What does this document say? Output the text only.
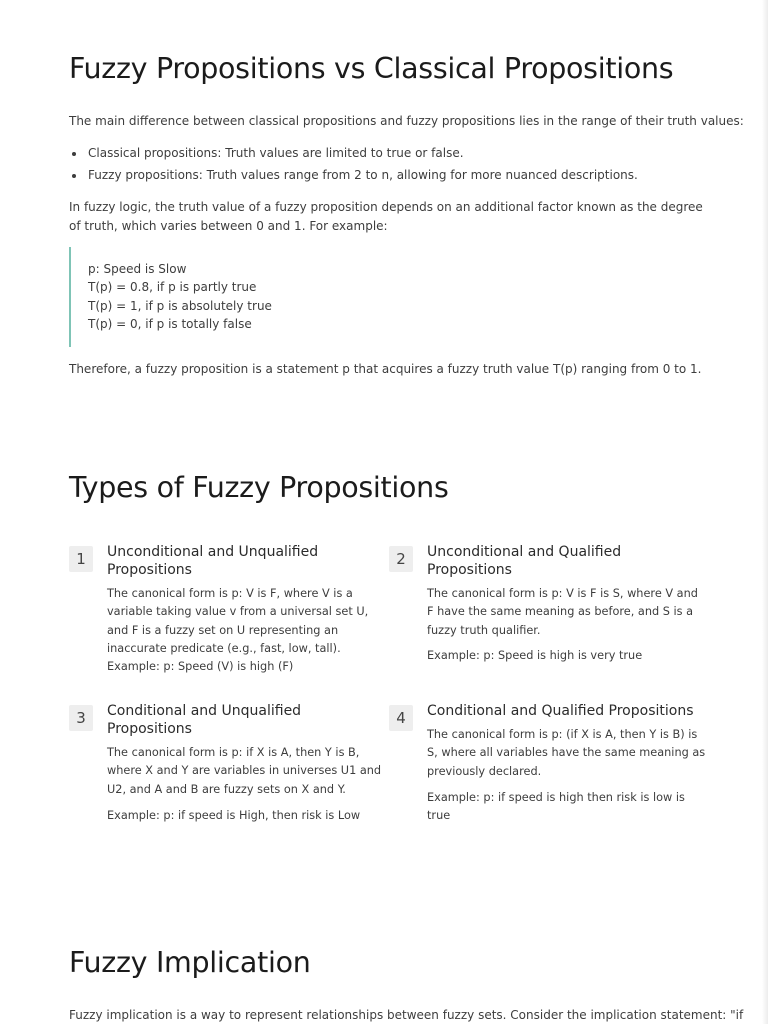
Fuzzy Propositions vs Classical Propositions

The main difference between classical propositions and fuzzy propositions lies in the range of their truth values:

Classical propositions: Truth values are limited to true or false.
Fuzzy propositions: Truth values range from 2 to n, allowing for more nuanced descriptions.

In fuzzy logic, the truth value of a fuzzy proposition depends on an additional factor known as the degree of truth, which varies between 0 and 1. For example:

p: Speed is Slow
T(p) = 0.8, if p is partly true
T(p) = 1, if p is absolutely true
T(p) = 0, if p is totally false

Therefore, a fuzzy proposition is a statement p that acquires a fuzzy truth value T(p) ranging from 0 to 1.

Types of Fuzzy Propositions
1	Unconditional and Unqualified Propositions

The canonical form is p: V is F, where V is a variable taking value v from a universal set U, and F is a fuzzy set on U representing an inaccurate predicate (e.g., fast, low, tall). Example: p: Speed (V) is high (F)

2	Unconditional and Qualified Propositions

The canonical form is p: V is F is S, where V and F have the same meaning as before, and S is a fuzzy truth qualifier.

Example: p: Speed is high is very true

3	Conditional and Unqualified Propositions

The canonical form is p: if X is A, then Y is B, where X and Y are variables in universes U1 and U2, and A and B are fuzzy sets on X and Y.

Example: p: if speed is High, then risk is Low

4	Conditional and Qualified Propositions

The canonical form is p: (if X is A, then Y is B) is S, where all variables have the same meaning as previously declared.

Example: p: if speed is high then risk is low is true

Fuzzy Implication

Fuzzy implication is a way to represent relationships between fuzzy sets. Consider the implication statement: "if
